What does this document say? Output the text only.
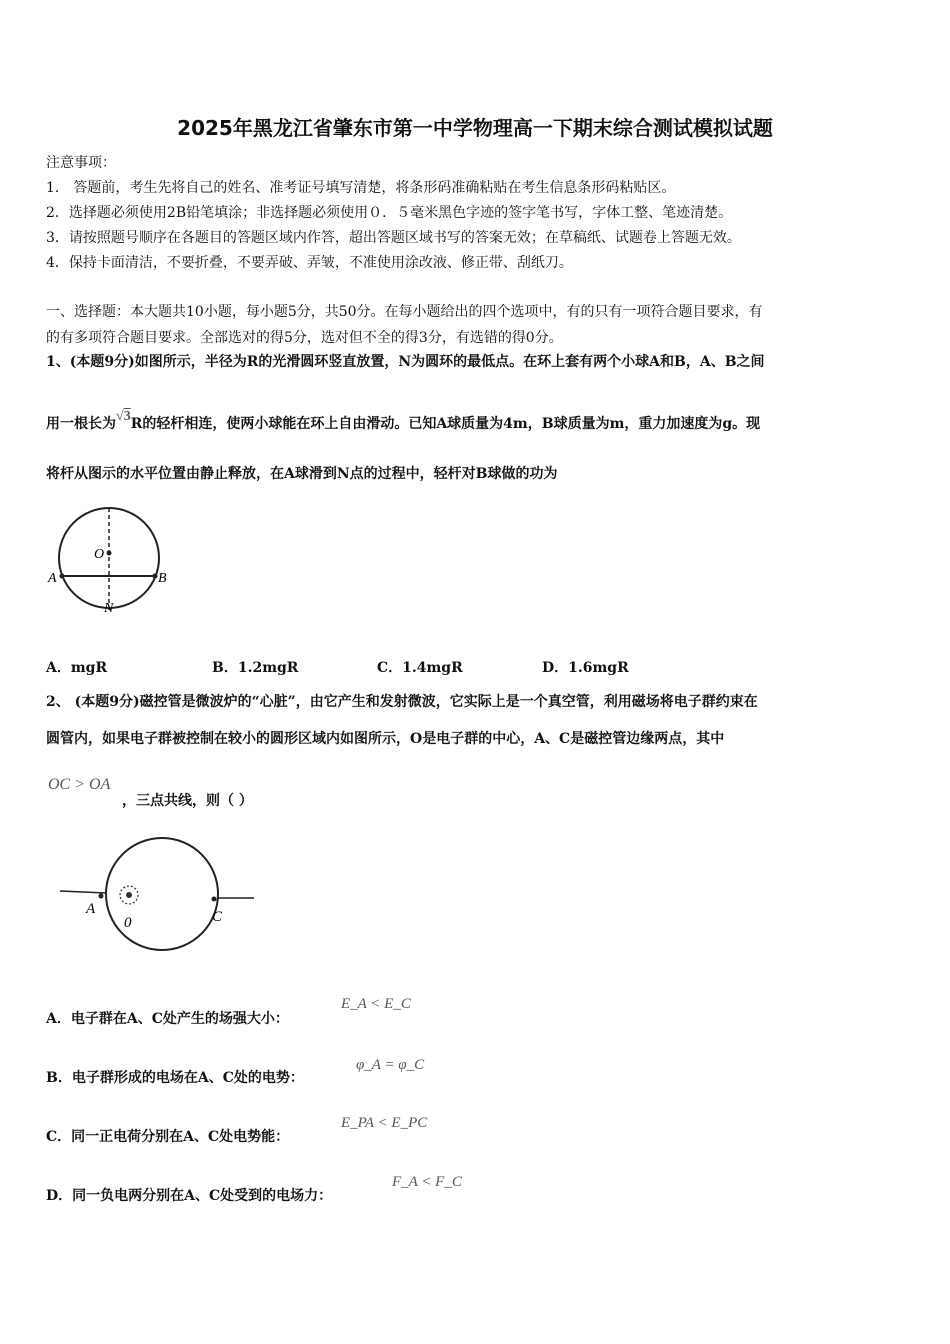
2025年黑龙江省肇东市第一中学物理高一下期末综合测试模拟试题
注意事项：
1． 答题前，考生先将自己的姓名、准考证号填写清楚，将条形码准确粘贴在考生信息条形码粘贴区。
2．选择题必须使用2B铅笔填涂；非选择题必须使用０．５毫米黑色字迹的签字笔书写，字体工整、笔迹清楚。
3．请按照题号顺序在各题目的答题区域内作答，超出答题区域书写的答案无效；在草稿纸、试题卷上答题无效。
4．保持卡面清洁，不要折叠，不要弄破、弄皱，不准使用涂改液、修正带、刮纸刀。
一、选择题：本大题共10小题，每小题5分，共50分。在每小题给出的四个选项中，有的只有一项符合题目要求，有
的有多项符合题目要求。全部选对的得5分，选对但不全的得3分，有选错的得0分。
1、(本题9分)如图所示，半径为R的光滑圆环竖直放置，N为圆环的最低点。在环上套有两个小球A和B，A、B之间
用一根长为√3R的轻杆相连，使两小球能在环上自由滑动。已知A球质量为4m，B球质量为m，重力加速度为g。现
将杆从图示的水平位置由静止释放，在A球滑到N点的过程中，轻杆对B球做的功为
O
A	B
N
A．mgR	B．1.2mgR	C．1.4mgR	D．1.6mgR
2、 (本题9分)磁控管是微波炉的“心脏”，由它产生和发射微波，它实际上是一个真空管，利用磁场将电子群约束在
圆管内，如果电子群被控制在较小的圆形区域内如图所示，O是电子群的中心，A、C是磁控管边缘两点，其中
OC > OA
，三点共线，则（ ）
A
0	C
A．电子群在A、C处产生的场强大小：
E_A < E_C
B．电子群形成的电场在A、C处的电势：
φ_A = φ_C
C．同一正电荷分别在A、C处电势能：
E_PA < E_PC
D．同一负电两分别在A、C处受到的电场力：
F_A < F_C
